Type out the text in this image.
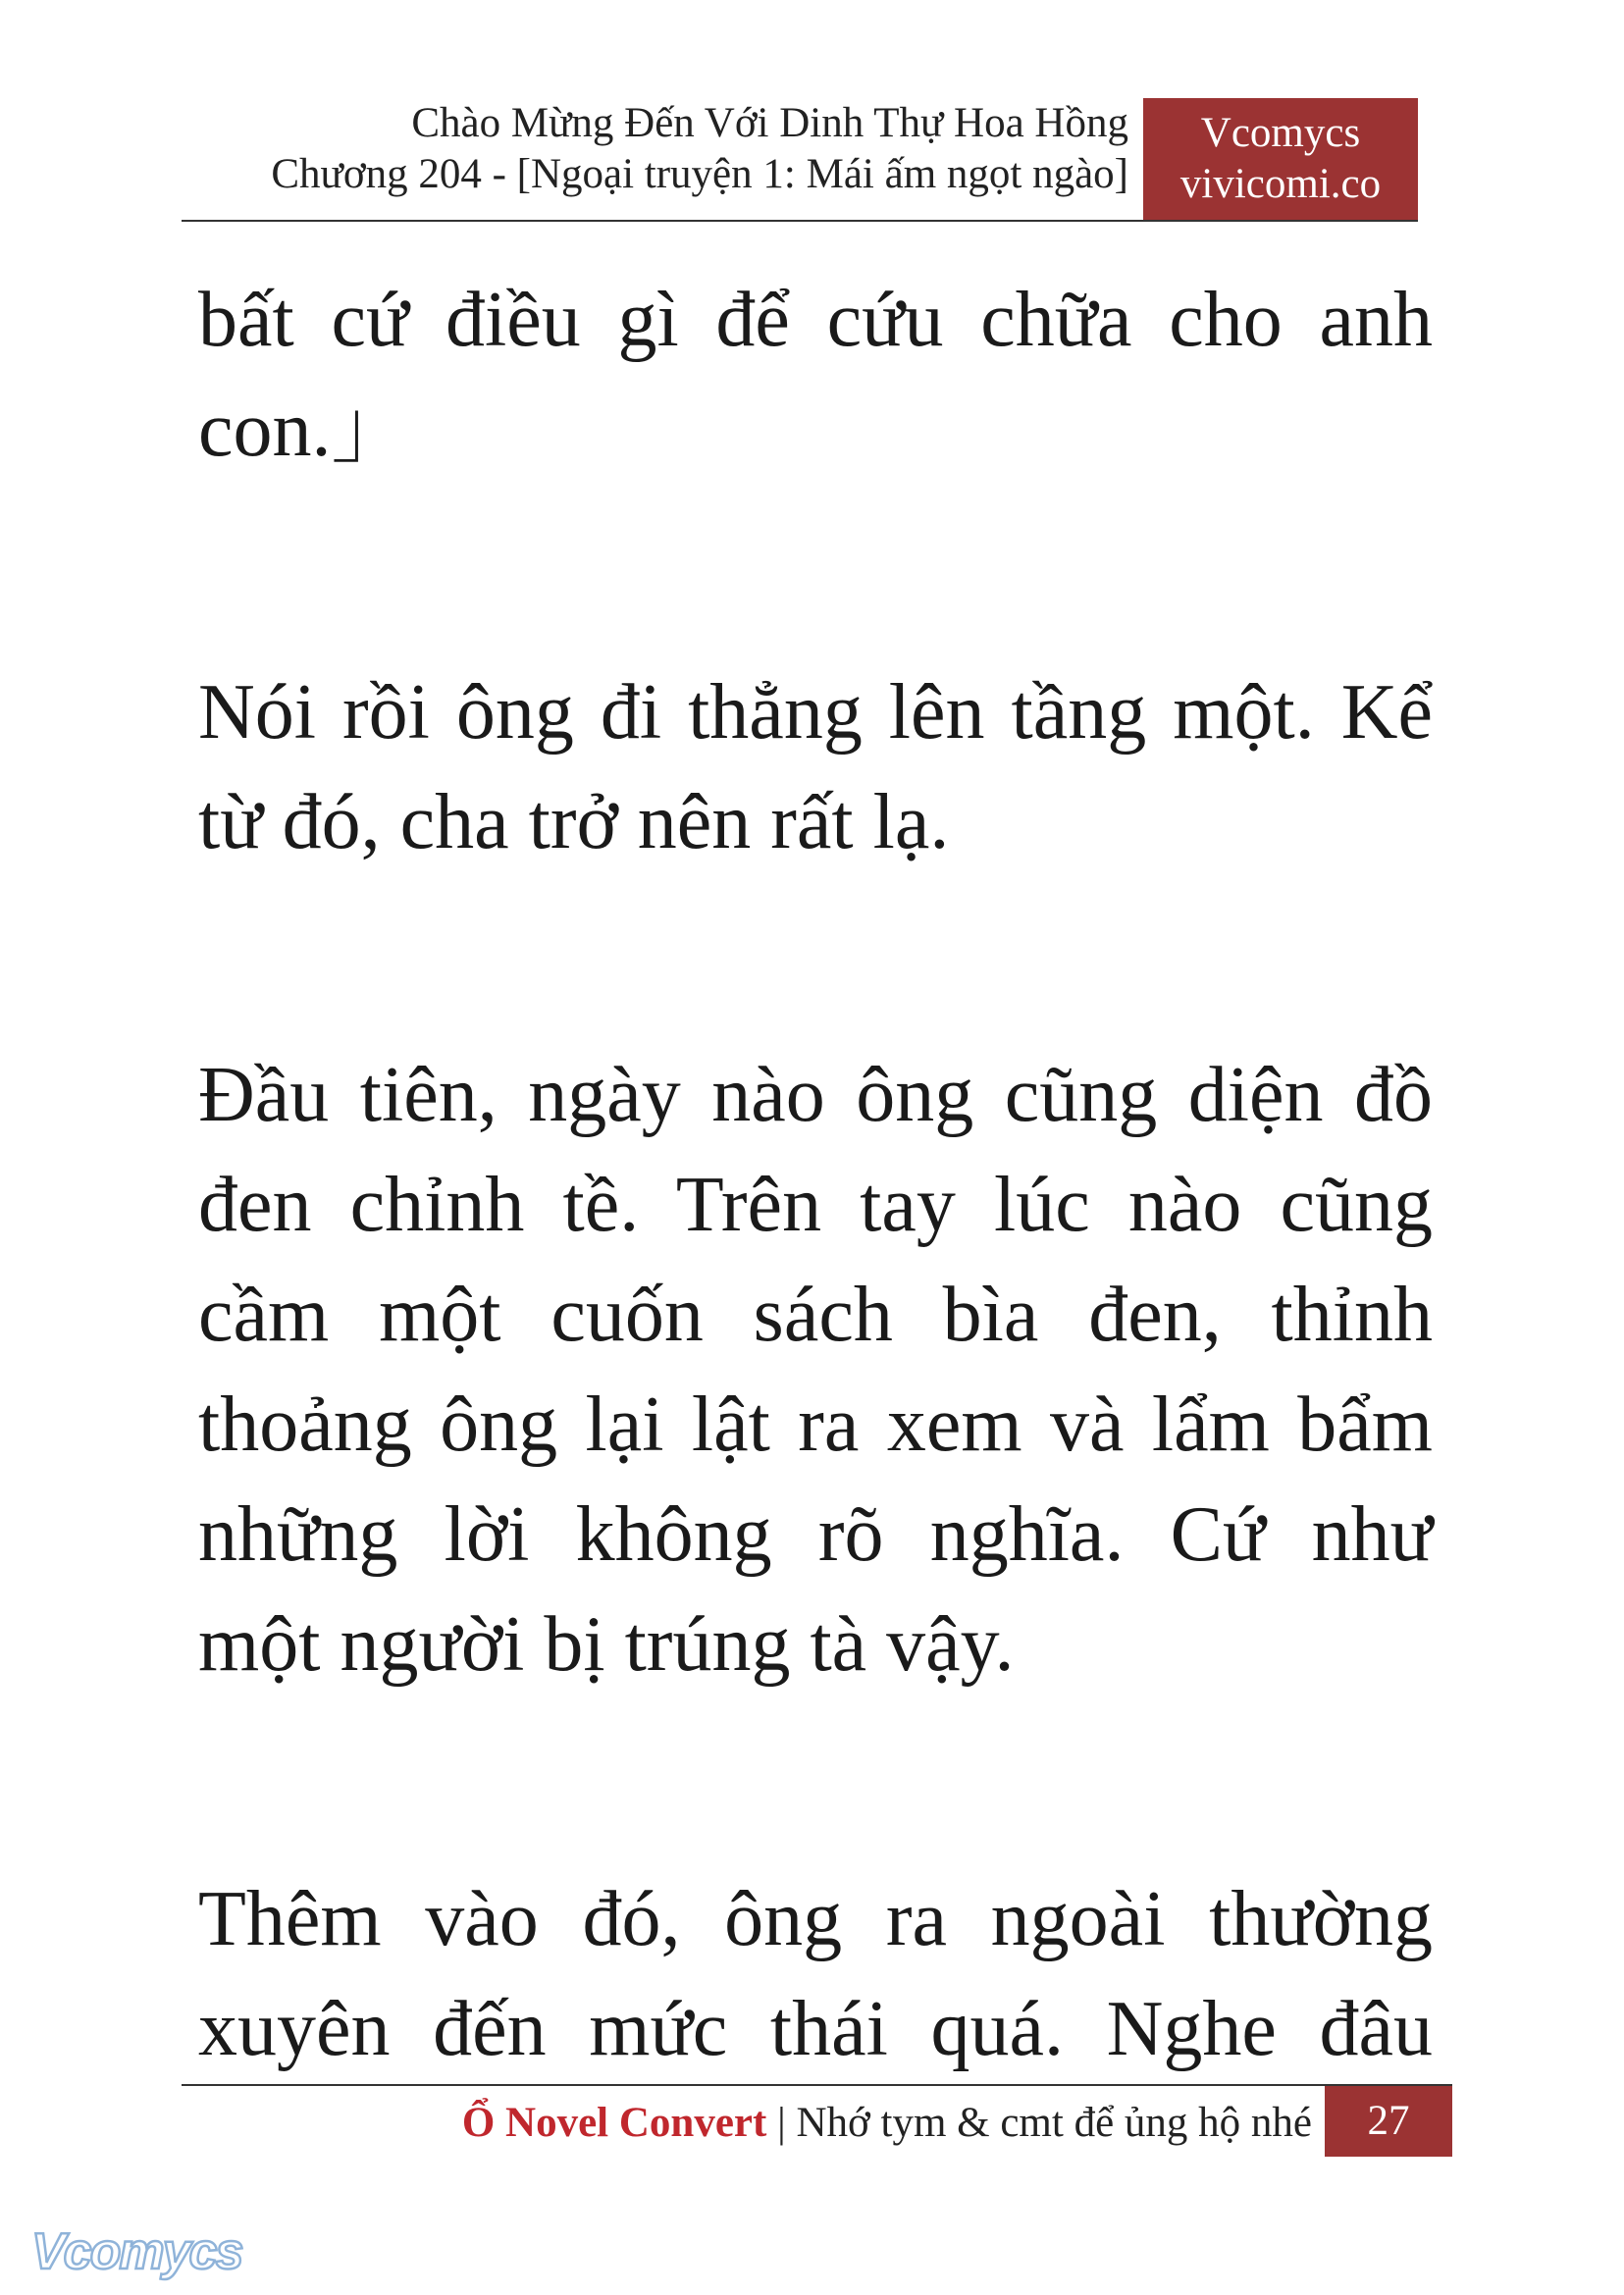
Chào Mừng Đến Với Dinh Thự Hoa Hồng
Chương 204 - [Ngoại truyện 1: Mái ấm ngọt ngào]
Vcomycs
vivicomi.co

bất cứ điều gì để cứu chữa cho anh
con.」

Nói rồi ông đi thẳng lên tầng một. Kể
từ đó, cha trở nên rất lạ.

Đầu tiên, ngày nào ông cũng diện đồ
đen chỉnh tề. Trên tay lúc nào cũng
cầm một cuốn sách bìa đen, thỉnh
thoảng ông lại lật ra xem và lẩm bẩm
những lời không rõ nghĩa. Cứ như
một người bị trúng tà vậy.

Thêm vào đó, ông ra ngoài thường
xuyên đến mức thái quá. Nghe đâu

Ổ Novel Convert | Nhớ tym & cmt để ủng hộ nhé	27
Vcomycs
